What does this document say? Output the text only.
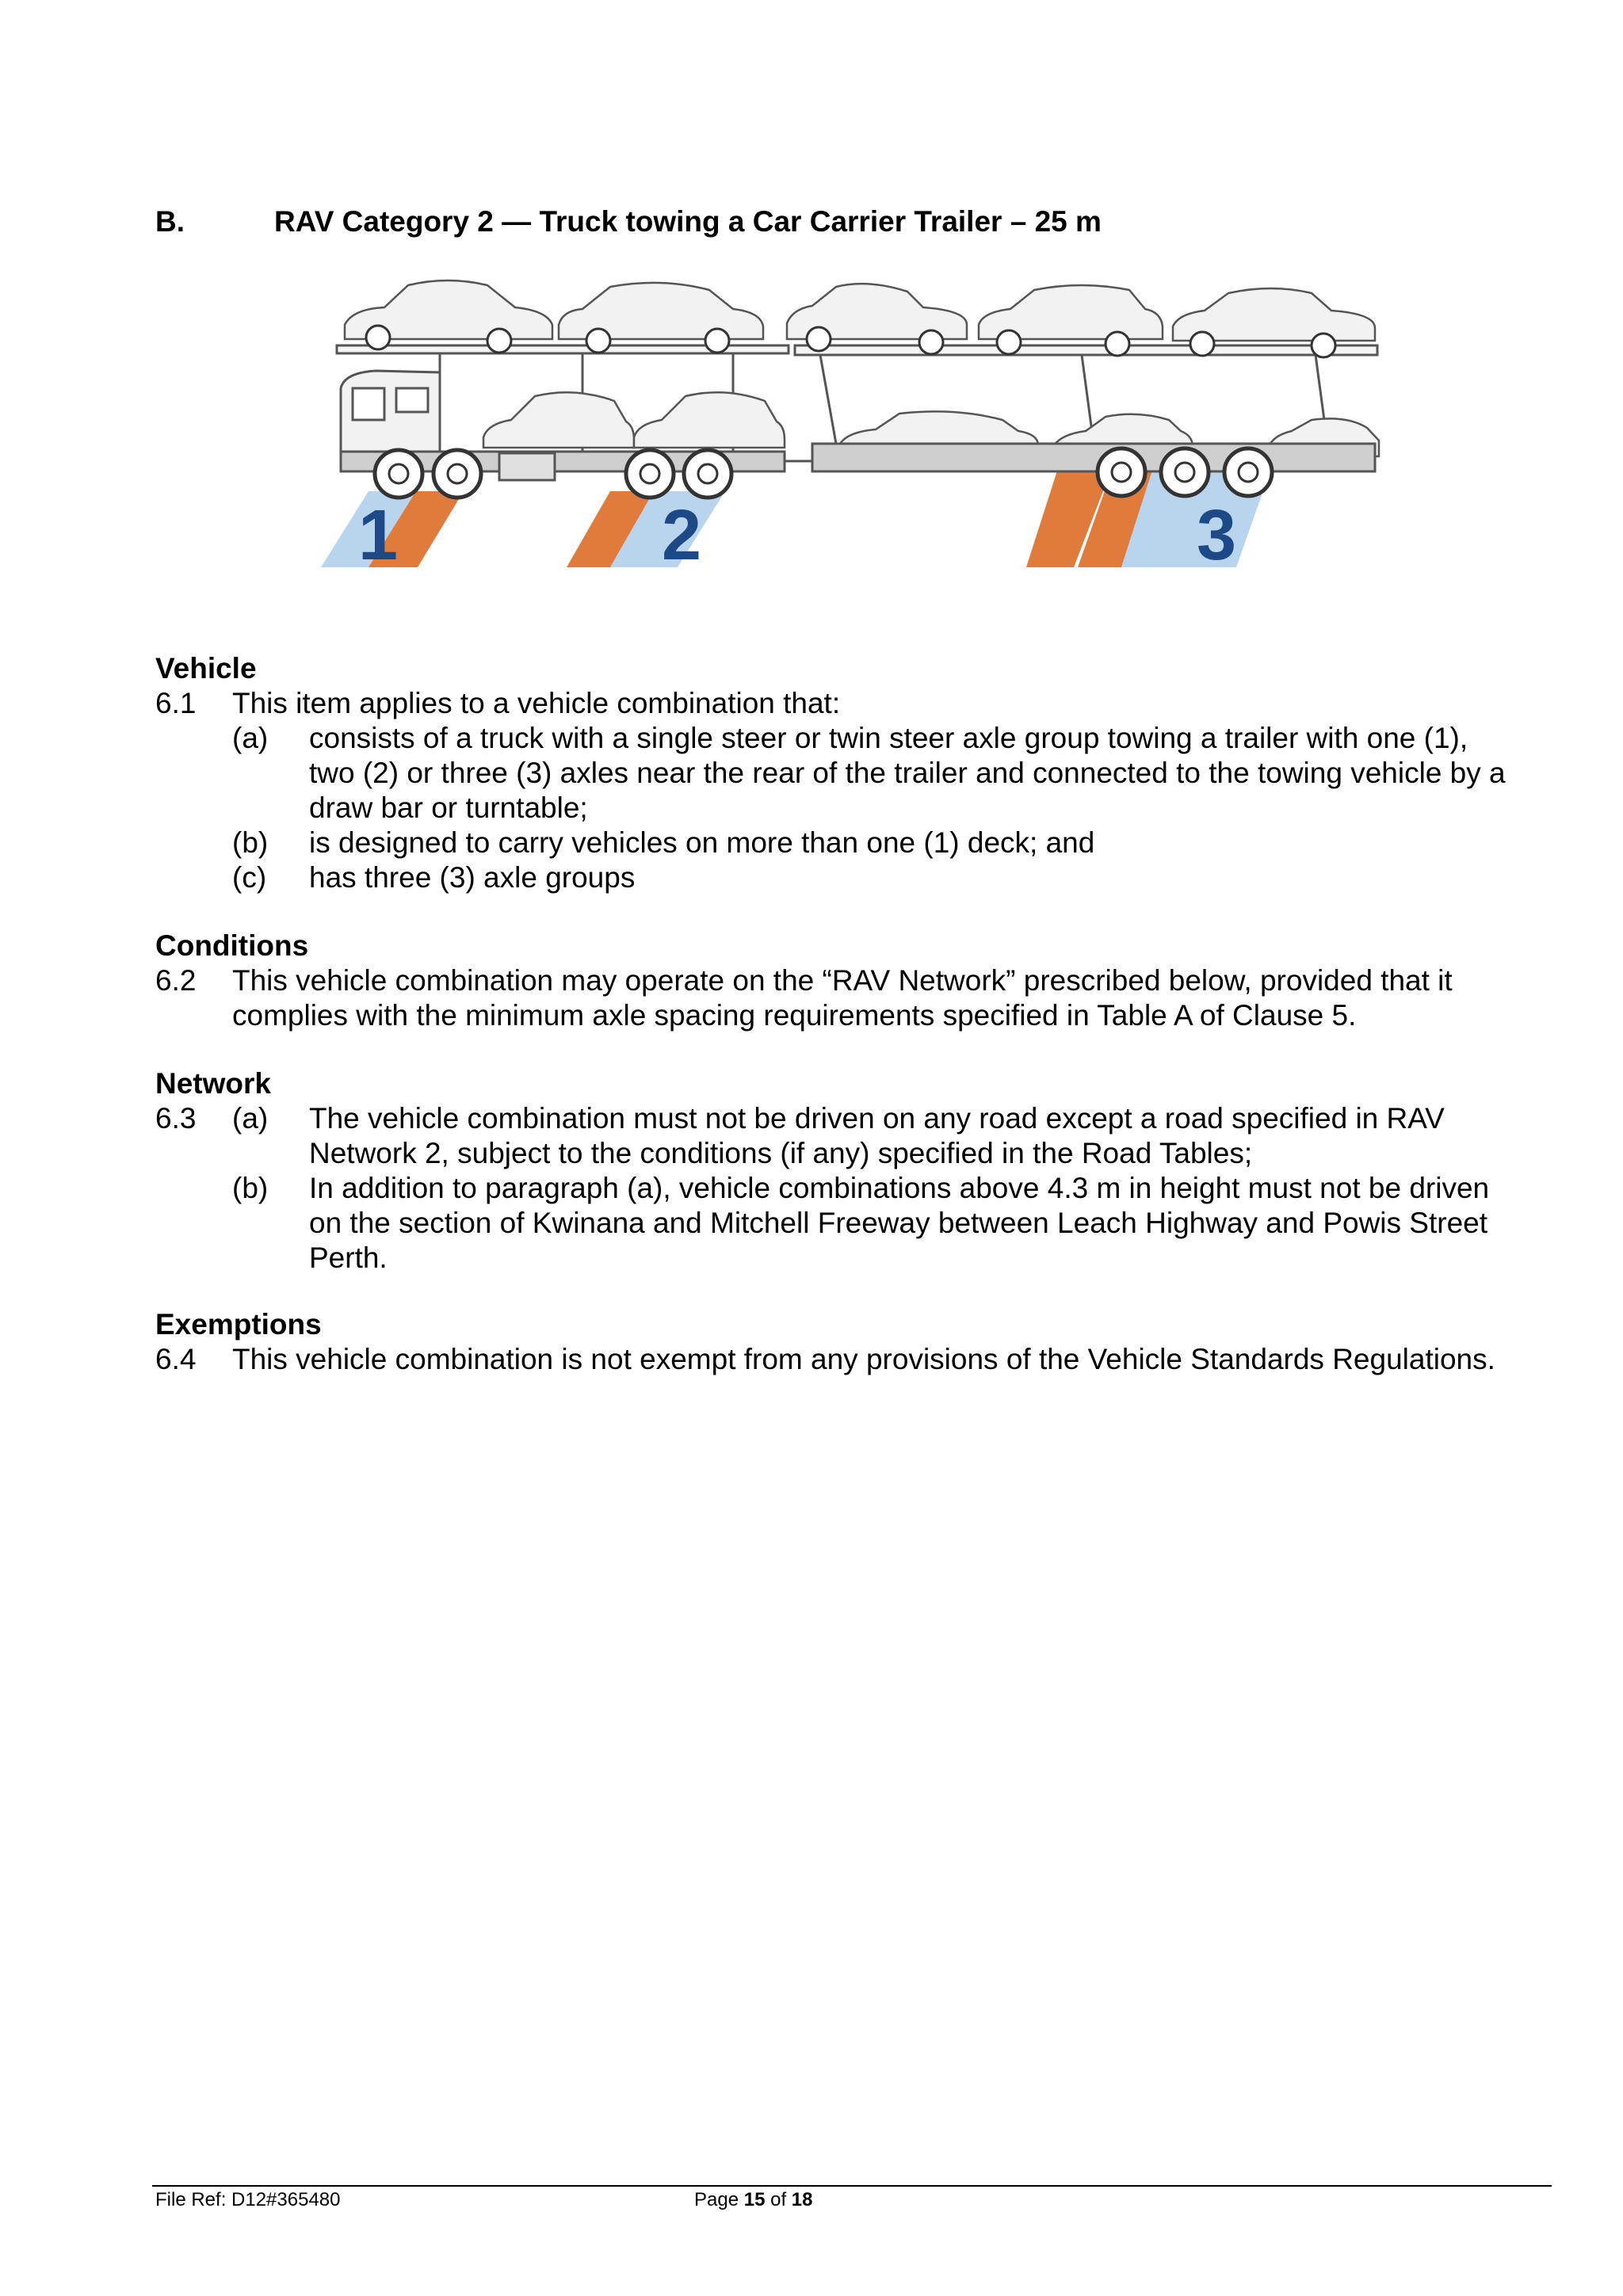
B.	RAV Category 2 — Truck towing a Car Carrier Trailer – 25 m
1	2	3
Vehicle
6.1 This item applies to a vehicle combination that:
(a) consists of a truck with a single steer or twin steer axle group towing a trailer with one (1),
two (2) or three (3) axles near the rear of the trailer and connected to the towing vehicle by a
draw bar or turntable;
(b) is designed to carry vehicles on more than one (1) deck; and
(c) has three (3) axle groups
Conditions
6.2 This vehicle combination may operate on the “RAV Network” prescribed below, provided that it
complies with the minimum axle spacing requirements specified in Table A of Clause 5.
Network
6.3 (a) The vehicle combination must not be driven on any road except a road specified in RAV
Network 2, subject to the conditions (if any) specified in the Road Tables;
(b) In addition to paragraph (a), vehicle combinations above 4.3 m in height must not be driven
on the section of Kwinana and Mitchell Freeway between Leach Highway and Powis Street
Perth.
Exemptions
6.4 This vehicle combination is not exempt from any provisions of the Vehicle Standards Regulations.
File Ref: D12#365480	Page 15 of 18
